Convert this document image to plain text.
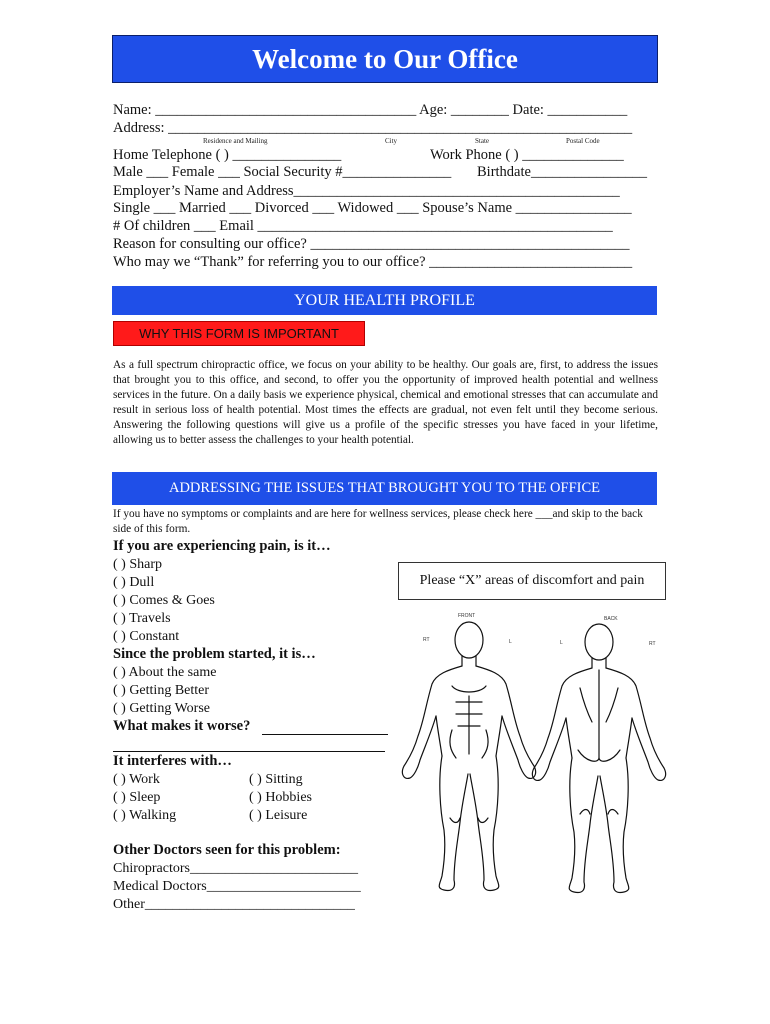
Welcome to Our Office
Name: ____________________________________ Age: ________ Date: ___________
Address: ________________________________________________________________
Residence and Mailing	City	State	Postal Code
Home Telephone ( ) _______________	Work Phone ( ) ______________
Male ___ Female ___ Social Security #_______________	Birthdate________________
Employer’s Name and Address_____________________________________________
Single ___ Married ___ Divorced ___ Widowed ___ Spouse’s Name ________________
# Of children ___ Email _________________________________________________
Reason for consulting our office? ____________________________________________
Who may we “Thank” for referring you to our office? ____________________________
YOUR HEALTH PROFILE
WHY THIS FORM IS IMPORTANT
As a full spectrum chiropractic office, we focus on your ability to be healthy. Our goals are, first, to address the issues that brought you to this office, and second, to offer you the opportunity of improved health potential and wellness services in the future. On a daily basis we experience physical, chemical and emotional stresses that can accumulate and result in serious loss of health potential. Most times the effects are gradual, not even felt until they become serious. Answering the following questions will give us a profile of the specific stresses you have faced in your lifetime, allowing us to better assess the challenges to your health potential.
ADDRESSING THE ISSUES THAT BROUGHT YOU TO THE OFFICE
If you have no symptoms or complaints and are here for wellness services, please check here ___and skip to the back side of this form.
If you are experiencing pain, is it…
( ) Sharp
( ) Dull
( ) Comes & Goes
( ) Travels
( ) Constant
Since the problem started, it is…
( ) About the same
( ) Getting Better
( ) Getting Worse
What makes it worse?
It interferes with…
( ) Work
( ) Sleep
( ) Walking
( ) Sitting
( ) Hobbies
( ) Leisure
Other Doctors seen for this problem:
Chiropractors________________________
Medical Doctors______________________
Other______________________________
Please “X” areas of discomfort and pain
FRONT	BACK
RT	L	L	RT
